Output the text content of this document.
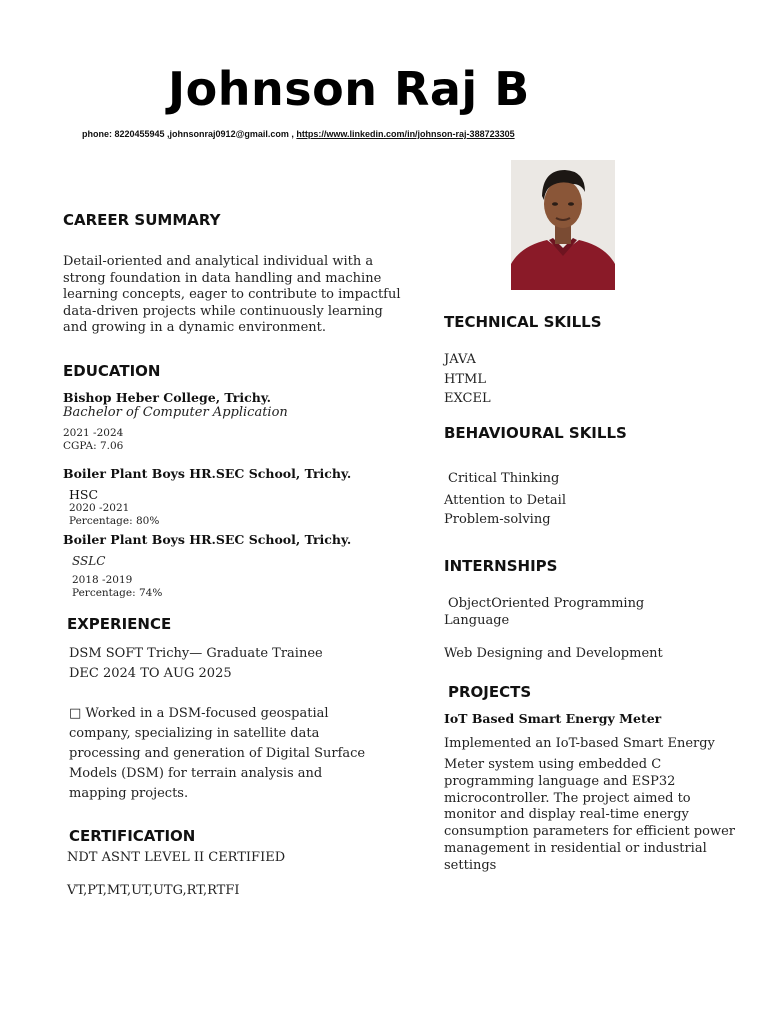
Johnson Raj B
phone: 8220455945 ,johnsonraj0912@gmail.com , https://www.linkedin.com/in/johnson-raj-388723305
CAREER SUMMARY
Detail-oriented and analytical individual with a
strong foundation in data handling and machine
learning concepts, eager to contribute to impactful
data-driven projects while continuously learning
and growing in a dynamic environment.
EDUCATION
Bishop Heber College, Trichy.
Bachelor of Computer Application
2021 -2024
CGPA: 7.06
Boiler Plant Boys HR.SEC School, Trichy.
HSC
2020 -2021
Percentage: 80%
Boiler Plant Boys HR.SEC School, Trichy.
SSLC
2018 -2019
Percentage: 74%
EXPERIENCE
DSM SOFT Trichy— Graduate Trainee
DEC 2024 TO AUG 2025
□ Worked in a DSM-focused geospatial
company, specializing in satellite data
processing and generation of Digital Surface
Models (DSM) for terrain analysis and
mapping projects.
CERTIFICATION
NDT ASNT LEVEL II CERTIFIED
VT,PT,MT,UT,UTG,RT,RTFI
TECHNICAL SKILLS
JAVA
HTML
EXCEL
BEHAVIOURAL SKILLS
Critical Thinking
Attention to Detail
Problem-solving
INTERNSHIPS
ObjectOriented Programming
Language
Web Designing and Development
PROJECTS
IoT Based Smart Energy Meter
Implemented an IoT-based Smart Energy
Meter system using embedded C
programming language and ESP32
microcontroller. The project aimed to
monitor and display real-time energy
consumption parameters for efficient power
management in residential or industrial
settings
